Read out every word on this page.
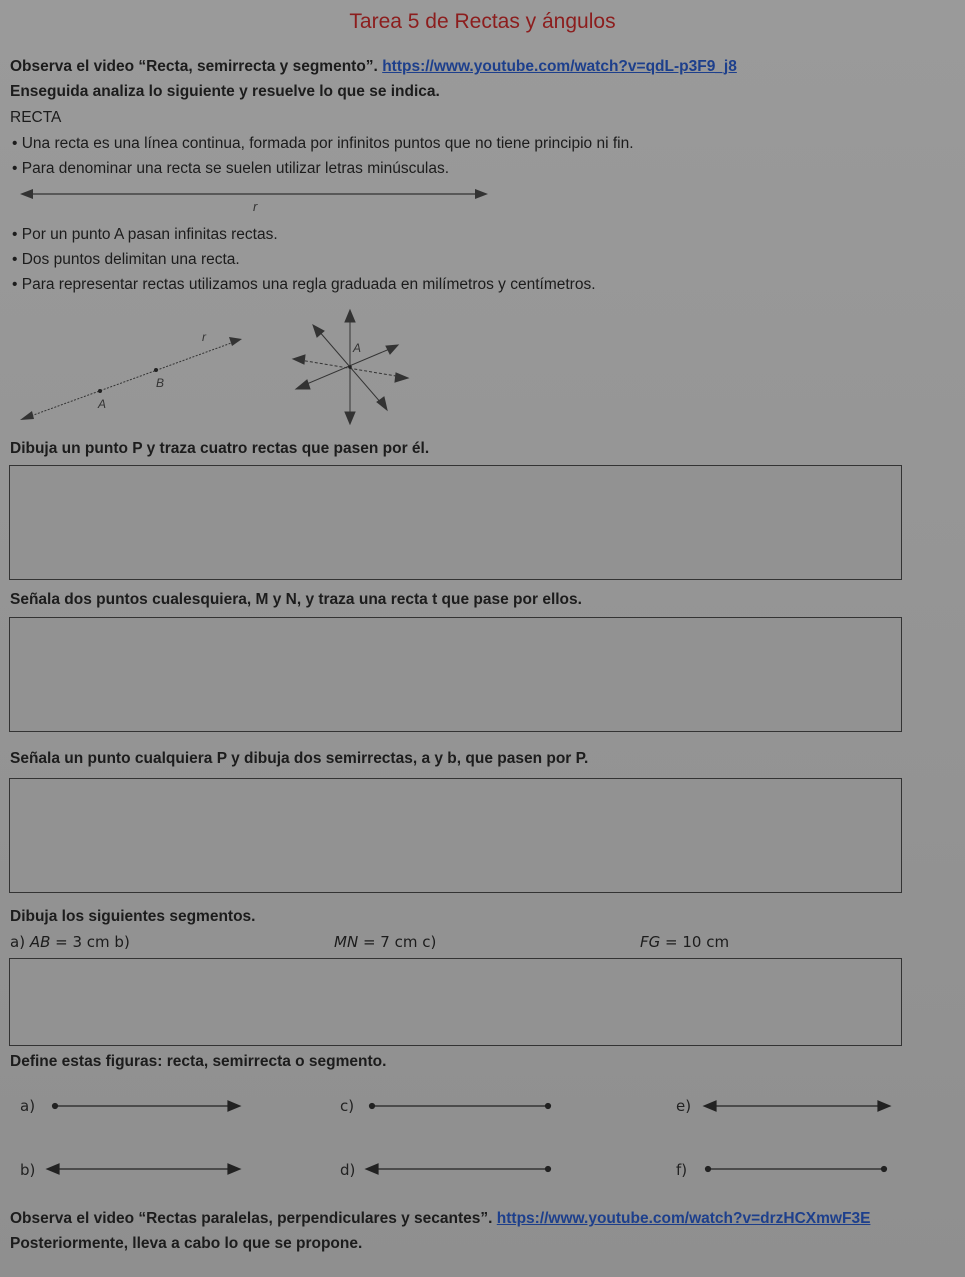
Tarea 5 de Rectas y ángulos
Observa el video “Recta, semirrecta y segmento”. https://www.youtube.com/watch?v=qdL-p3F9_j8
Enseguida analiza lo siguiente y resuelve lo que se indica.
RECTA
• Una recta es una línea continua, formada por infinitos puntos que no tiene principio ni fin.
• Para denominar una recta se suelen utilizar letras minúsculas.
r
• Por un punto A pasan infinitas rectas.
• Dos puntos delimitan una recta.
• Para representar rectas utilizamos una regla graduada en milímetros y centímetros.
r
B
A
A
Dibuja un punto P y traza cuatro rectas que pasen por él.
Señala dos puntos cualesquiera, M y N, y traza una recta t que pase por ellos.
Señala un punto cualquiera P y dibuja dos semirrectas, a y b, que pasen por P.
Dibuja los siguientes segmentos.
a) AB = 3 cm b)	MN = 7 cm c)	FG = 10 cm
Define estas figuras: recta, semirrecta o segmento.
a)
b)
c)
d)
e)
f)
Observa el video “Rectas paralelas, perpendiculares y secantes”. https://www.youtube.com/watch?v=drzHCXmwF3E
Posteriormente, lleva a cabo lo que se propone.
